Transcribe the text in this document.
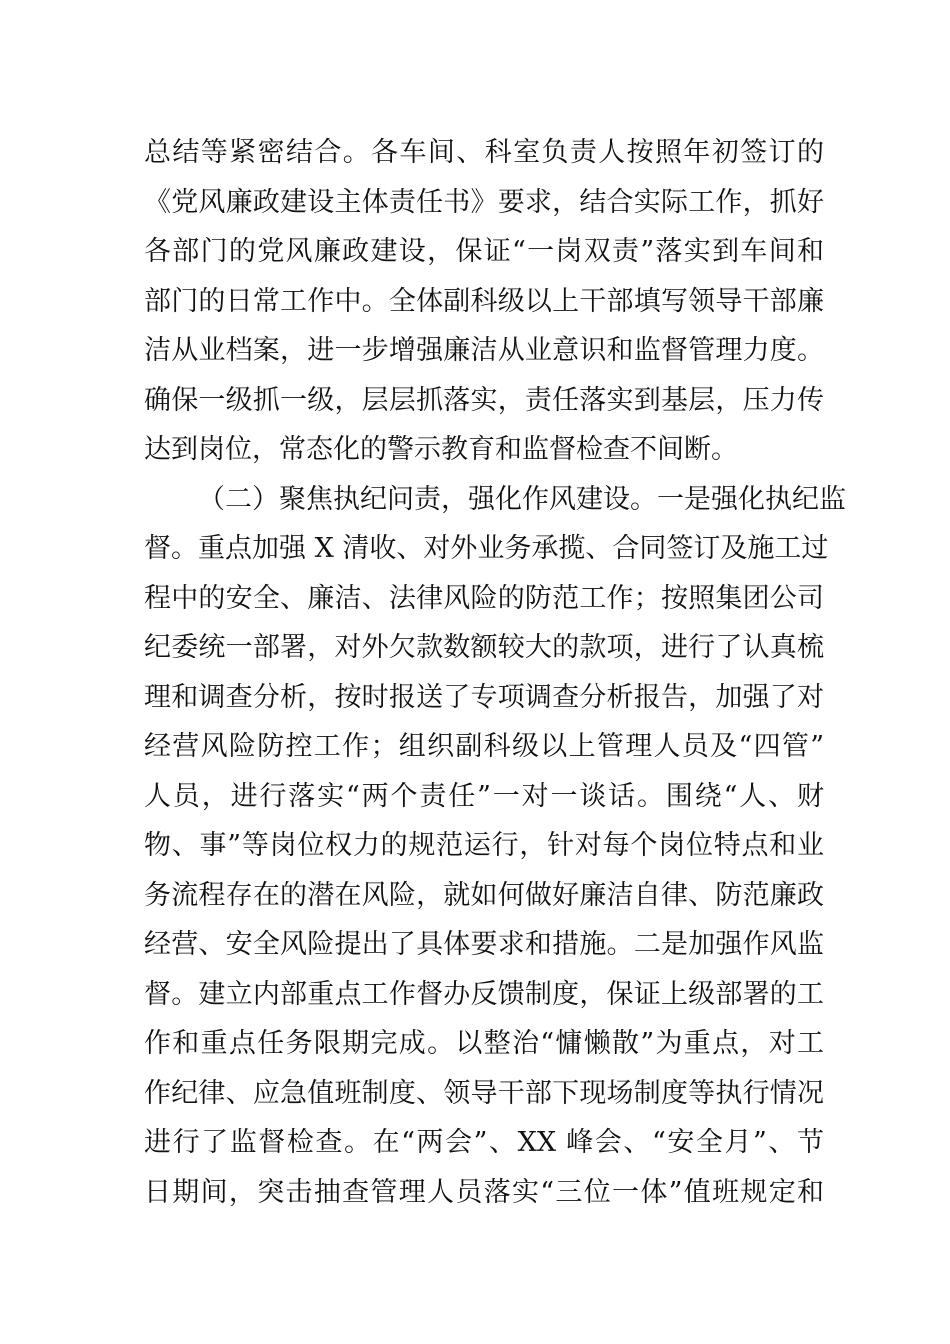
总结等紧密结合。各车间、科室负责人按照年初签订的
《党风廉政建设主体责任书》要求，结合实际工作，抓好
各部门的党风廉政建设，保证“一岗双责”落实到车间和
部门的日常工作中。全体副科级以上干部填写领导干部廉
洁从业档案，进一步增强廉洁从业意识和监督管理力度。
确保一级抓一级，层层抓落实，责任落实到基层，压力传
达到岗位，常态化的警示教育和监督检查不间断。
（二）聚焦执纪问责，强化作风建设。一是强化执纪监
督。重点加强 X 清收、对外业务承揽、合同签订及施工过
程中的安全、廉洁、法律风险的防范工作；按照集团公司
纪委统一部署，对外欠款数额较大的款项，进行了认真梳
理和调查分析，按时报送了专项调查分析报告，加强了对
经营风险防控工作；组织副科级以上管理人员及“四管”
人员，进行落实“两个责任”一对一谈话。围绕“人、财
物、事”等岗位权力的规范运行，针对每个岗位特点和业
务流程存在的潜在风险，就如何做好廉洁自律、防范廉政
经营、安全风险提出了具体要求和措施。二是加强作风监
督。建立内部重点工作督办反馈制度，保证上级部署的工
作和重点任务限期完成。以整治“慵懒散”为重点，对工
作纪律、应急值班制度、领导干部下现场制度等执行情况
进行了监督检查。在“两会”、XX 峰会、“安全月”、节
日期间，突击抽查管理人员落实“三位一体”值班规定和
